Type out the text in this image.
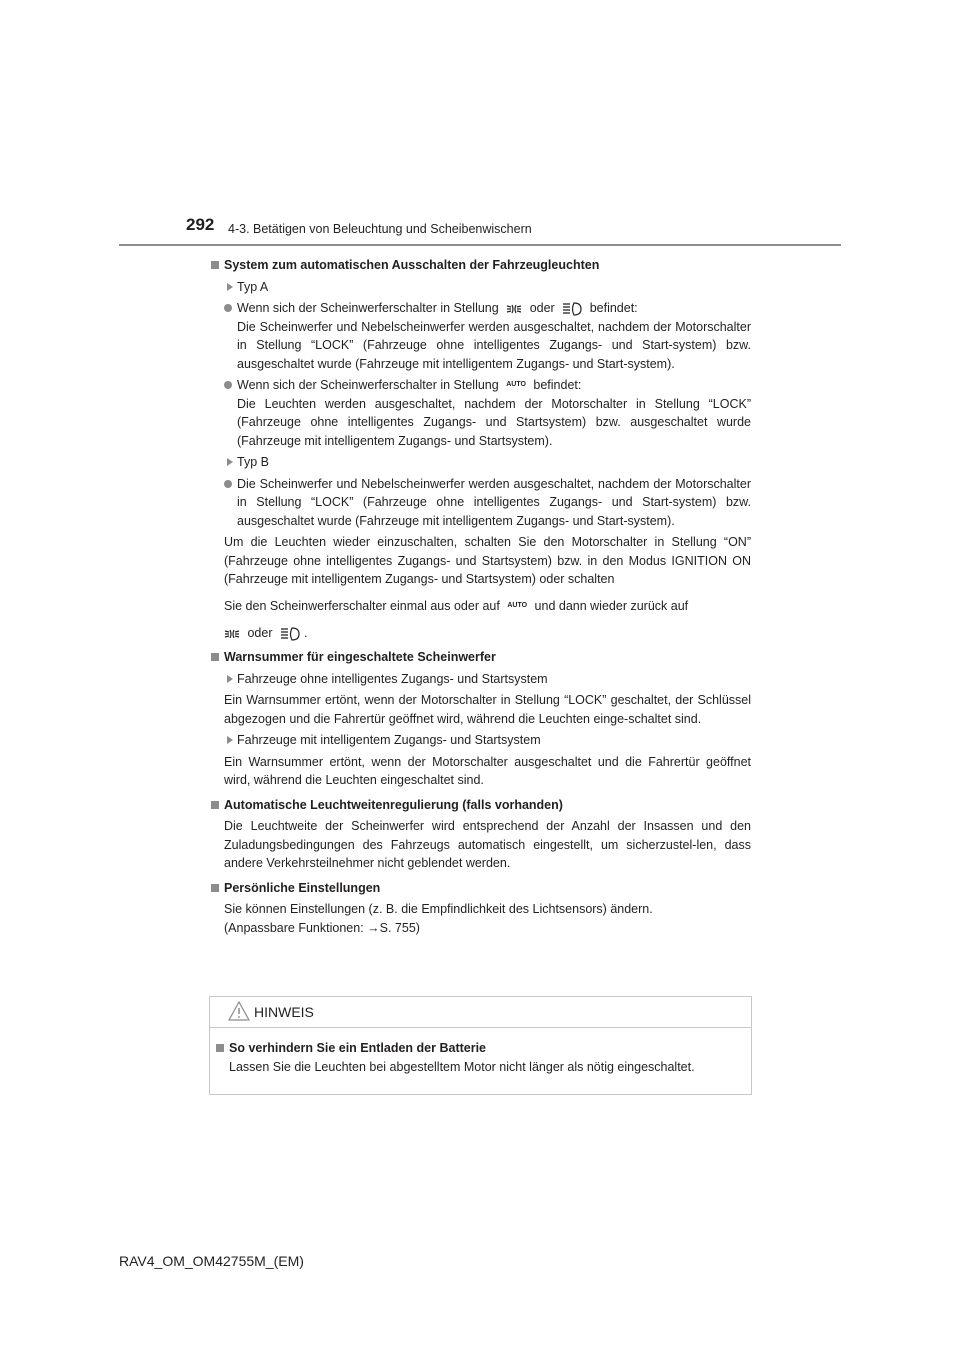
292 4-3. Betätigen von Beleuchtung und Scheibenwischern
System zum automatischen Ausschalten der Fahrzeugleuchten
Typ A
Wenn sich der Scheinwerferschalter in Stellung oder	befindet:
Die Scheinwerfer und Nebelscheinwerfer werden ausgeschaltet, nachdem der Motorschalter in Stellung “LOCK” (Fahrzeuge ohne intelligentes Zugangs- und Start-system) bzw. ausgeschaltet wurde (Fahrzeuge mit intelligentem Zugangs- und Start-system).
Wenn sich der Scheinwerferschalter in Stellung AUTO befindet:
Die Leuchten werden ausgeschaltet, nachdem der Motorschalter in Stellung “LOCK” (Fahrzeuge ohne intelligentes Zugangs- und Startsystem) bzw. ausgeschaltet wurde (Fahrzeuge mit intelligentem Zugangs- und Startsystem).
Typ B
Die Scheinwerfer und Nebelscheinwerfer werden ausgeschaltet, nachdem der Motorschalter in Stellung “LOCK” (Fahrzeuge ohne intelligentes Zugangs- und Start-system) bzw. ausgeschaltet wurde (Fahrzeuge mit intelligentem Zugangs- und Start-system).
Um die Leuchten wieder einzuschalten, schalten Sie den Motorschalter in Stellung “ON” (Fahrzeuge ohne intelligentes Zugangs- und Startsystem) bzw. in den Modus IGNITION ON (Fahrzeuge mit intelligentem Zugangs- und Startsystem) oder schalten
Sie den Scheinwerferschalter einmal aus oder auf AUTO und dann wieder zurück auf
oder	.
Warnsummer für eingeschaltete Scheinwerfer
Fahrzeuge ohne intelligentes Zugangs- und Startsystem
Ein Warnsummer ertönt, wenn der Motorschalter in Stellung “LOCK” geschaltet, der Schlüssel abgezogen und die Fahrertür geöffnet wird, während die Leuchten einge-schaltet sind.
Fahrzeuge mit intelligentem Zugangs- und Startsystem
Ein Warnsummer ertönt, wenn der Motorschalter ausgeschaltet und die Fahrertür geöffnet wird, während die Leuchten eingeschaltet sind.
Automatische Leuchtweitenregulierung (falls vorhanden)
Die Leuchtweite der Scheinwerfer wird entsprechend der Anzahl der Insassen und den Zuladungsbedingungen des Fahrzeugs automatisch eingestellt, um sicherzustel-len, dass andere Verkehrsteilnehmer nicht geblendet werden.
Persönliche Einstellungen
Sie können Einstellungen (z. B. die Empfindlichkeit des Lichtsensors) ändern.
(Anpassbare Funktionen: →S. 755)
HINWEIS
So verhindern Sie ein Entladen der Batterie
Lassen Sie die Leuchten bei abgestelltem Motor nicht länger als nötig eingeschaltet.
RAV4_OM_OM42755M_(EM)
